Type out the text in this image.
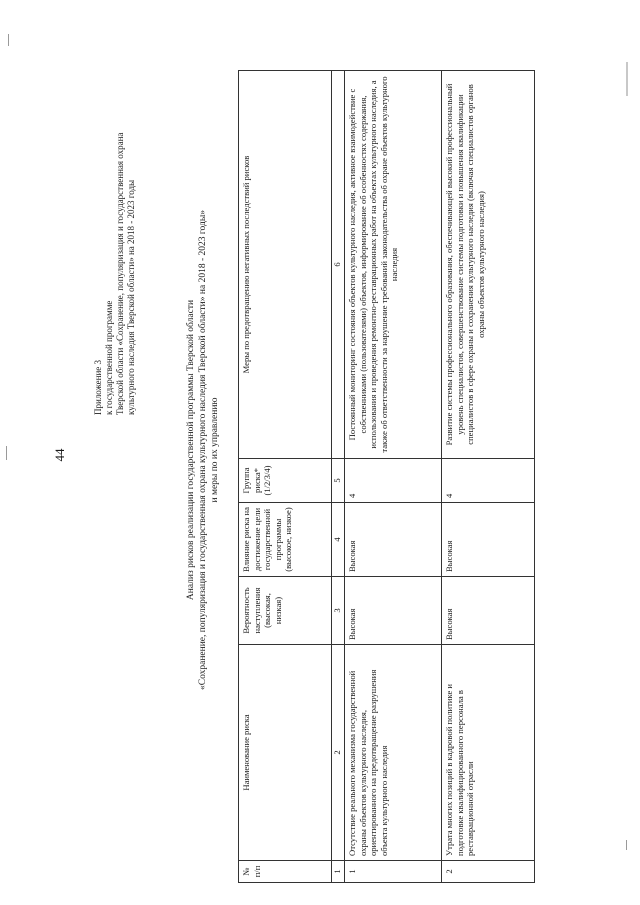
44
Приложение 3 к государственной программе Тверской области «Сохранение, популяризация и государственная охрана культурного наследия Тверской области» на 2018 - 2023 годы
Анализ рисков реализации государственной программы Тверской области «Сохранение, популяризация и государственная охрана культурного наследия Тверской области» на 2018 - 2023 годы» и меры по их управлению
№ п/п	Наименование риска	Вероятность наступления (высокая, низкая)	Влияние риска на достижение цели государственной программы (высокое, низкое)	Группа риска* (1/2/3/4)	Меры по предотвращению негативных последствий рисков
1	2	3	4	5	6
1	Отсутствие реального механизма государственной охраны объектов культурного наследия, ориентированного на предотвращение разрушения объекта культурного наследия	Высокая	Высокая	4	Постоянный мониторинг состояния объектов культурного наследия, активное взаимодействие с собственниками (пользователями) объектов, информирование об особенностях содержания, использования и проведения ремонтно-реставрационных работ на объектах культурного наследия, а также об ответственности за нарушение требований законодательства об охране объектов культурного наследия
2	Утрата многих позиций в кадровой политике и подготовке квалифицированного персонала в реставрационной отрасли	Высокая	Высокая	4	Развитие системы профессионального образования, обеспечивающей высокий профессиональный уровень специалистов, совершенствование системы подготовки и повышения квалификации специалистов в сфере охраны и сохранения культурного наследия (включая специалистов органов охраны объектов культурного наследия)
